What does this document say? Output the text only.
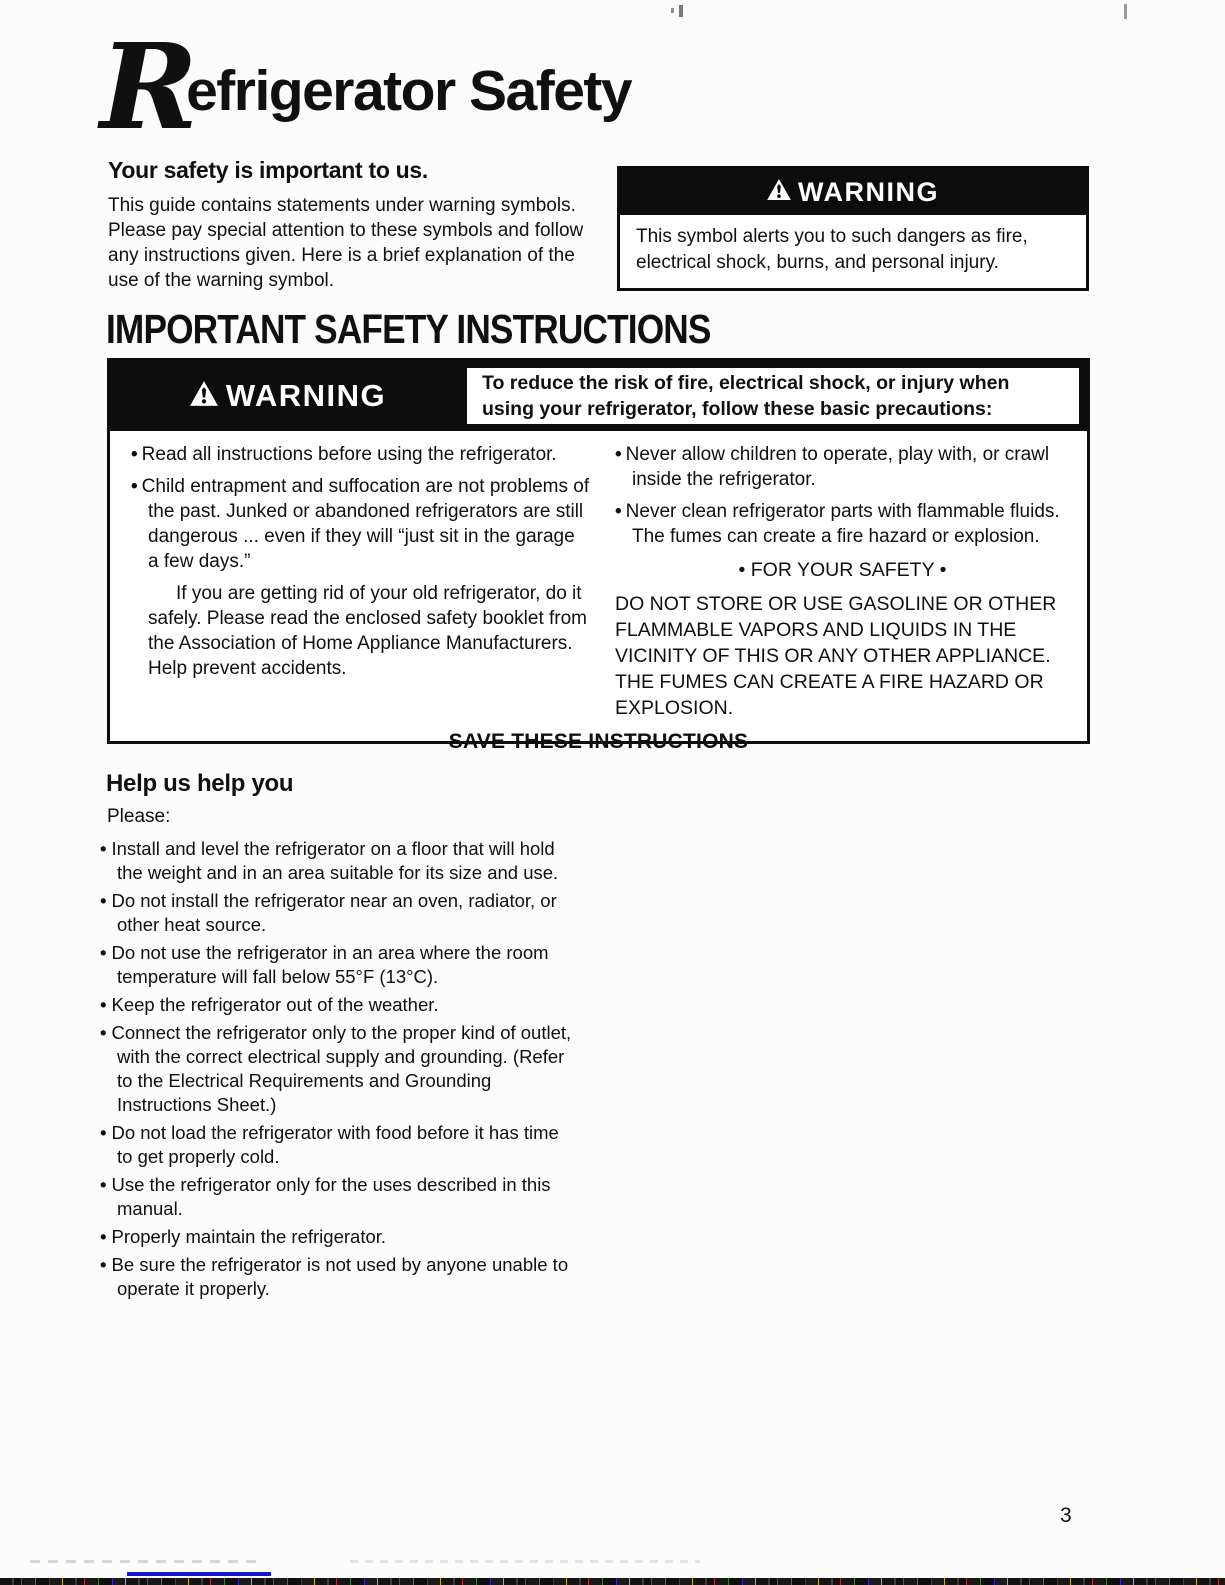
Refrigerator Safety
Your safety is important to us.

This guide contains statements under warning symbols. Please pay special attention to these symbols and follow any instructions given. Here is a brief explanation of the use of the warning symbol.

WARNING

This symbol alerts you to such dangers as fire, electrical shock, burns, and personal injury.

IMPORTANT SAFETY INSTRUCTIONS
WARNING	To reduce the risk of fire, electrical shock, or injury when using your refrigerator, follow these basic precautions:
• Read all instructions before using the refrigerator.
• Child entrapment and suffocation are not problems of the past. Junked or abandoned refrigerators are still dangerous ... even if they will “just sit in the garage a few days.”

If you are getting rid of your old refrigerator, do it safely. Please read the enclosed safety booklet from the Association of Home Appliance Manufacturers. Help prevent accidents.

• Never allow children to operate, play with, or crawl inside the refrigerator.
• Never clean refrigerator parts with flammable fluids. The fumes can create a fire hazard or explosion.

• FOR YOUR SAFETY •

DO NOT STORE OR USE GASOLINE OR OTHER FLAMMABLE VAPORS AND LIQUIDS IN THE VICINITY OF THIS OR ANY OTHER APPLIANCE. THE FUMES CAN CREATE A FIRE HAZARD OR EXPLOSION.

– SAVE THESE INSTRUCTIONS –

Help us help you

Please:

• Install and level the refrigerator on a floor that will hold the weight and in an area suitable for its size and use.
• Do not install the refrigerator near an oven, radiator, or other heat source.
• Do not use the refrigerator in an area where the room temperature will fall below 55°F (13°C).
• Keep the refrigerator out of the weather.
• Connect the refrigerator only to the proper kind of outlet, with the correct electrical supply and grounding. (Refer to the Electrical Requirements and Grounding Instructions Sheet.)
• Do not load the refrigerator with food before it has time to get properly cold.
• Use the refrigerator only for the uses described in this manual.
• Properly maintain the refrigerator.
• Be sure the refrigerator is not used by anyone unable to operate it properly.
3
